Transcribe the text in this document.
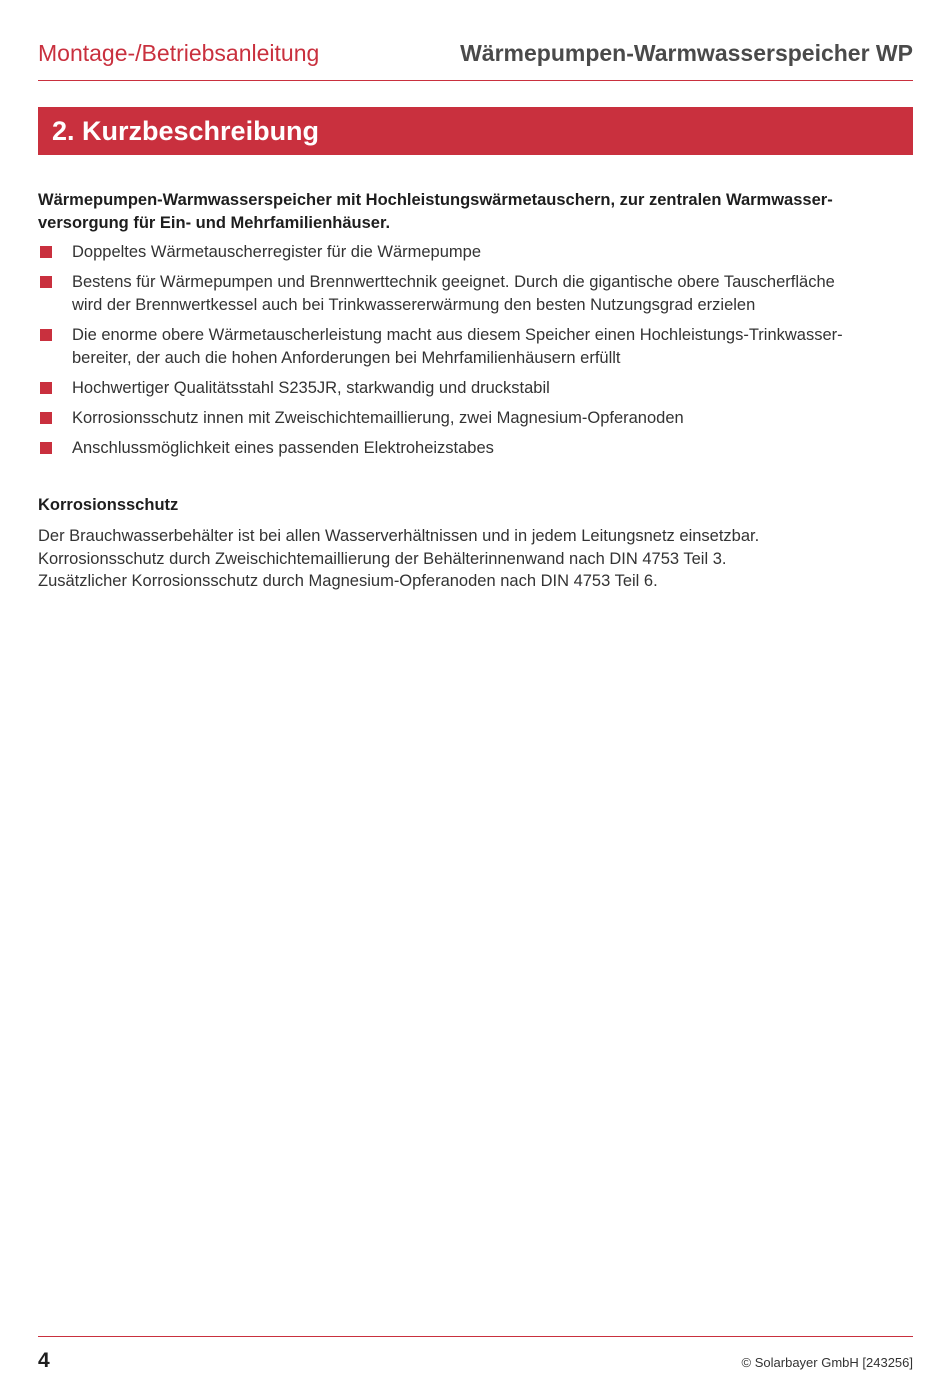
Montage-/Betriebsanleitung	Wärmepumpen-Warmwasserspeicher WP
2. Kurzbeschreibung
Wärmepumpen-Warmwasserspeicher mit Hochleistungswärmetauschern, zur zentralen Warmwasser-
versorgung für Ein- und Mehrfamilienhäuser.
Doppeltes Wärmetauscherregister für die Wärmepumpe
Bestens für Wärmepumpen und Brennwerttechnik geeignet. Durch die gigantische obere Tauscherfläche
wird der Brennwertkessel auch bei Trinkwassererwärmung den besten Nutzungsgrad erzielen
Die enorme obere Wärmetauscherleistung macht aus diesem Speicher einen Hochleistungs-Trinkwasser-
bereiter, der auch die hohen Anforderungen bei Mehrfamilienhäusern erfüllt
Hochwertiger Qualitätsstahl S235JR, starkwandig und druckstabil
Korrosionsschutz innen mit Zweischichtemaillierung, zwei Magnesium-Opferanoden
Anschlussmöglichkeit eines passenden Elektroheizstabes
Korrosionsschutz
Der Brauchwasserbehälter ist bei allen Wasserverhältnissen und in jedem Leitungsnetz einsetzbar.
Korrosionsschutz durch Zweischichtemaillierung der Behälterinnenwand nach DIN 4753 Teil 3.
Zusätzlicher Korrosionsschutz durch Magnesium-Opferanoden nach DIN 4753 Teil 6.
4	© Solarbayer GmbH [243256]
